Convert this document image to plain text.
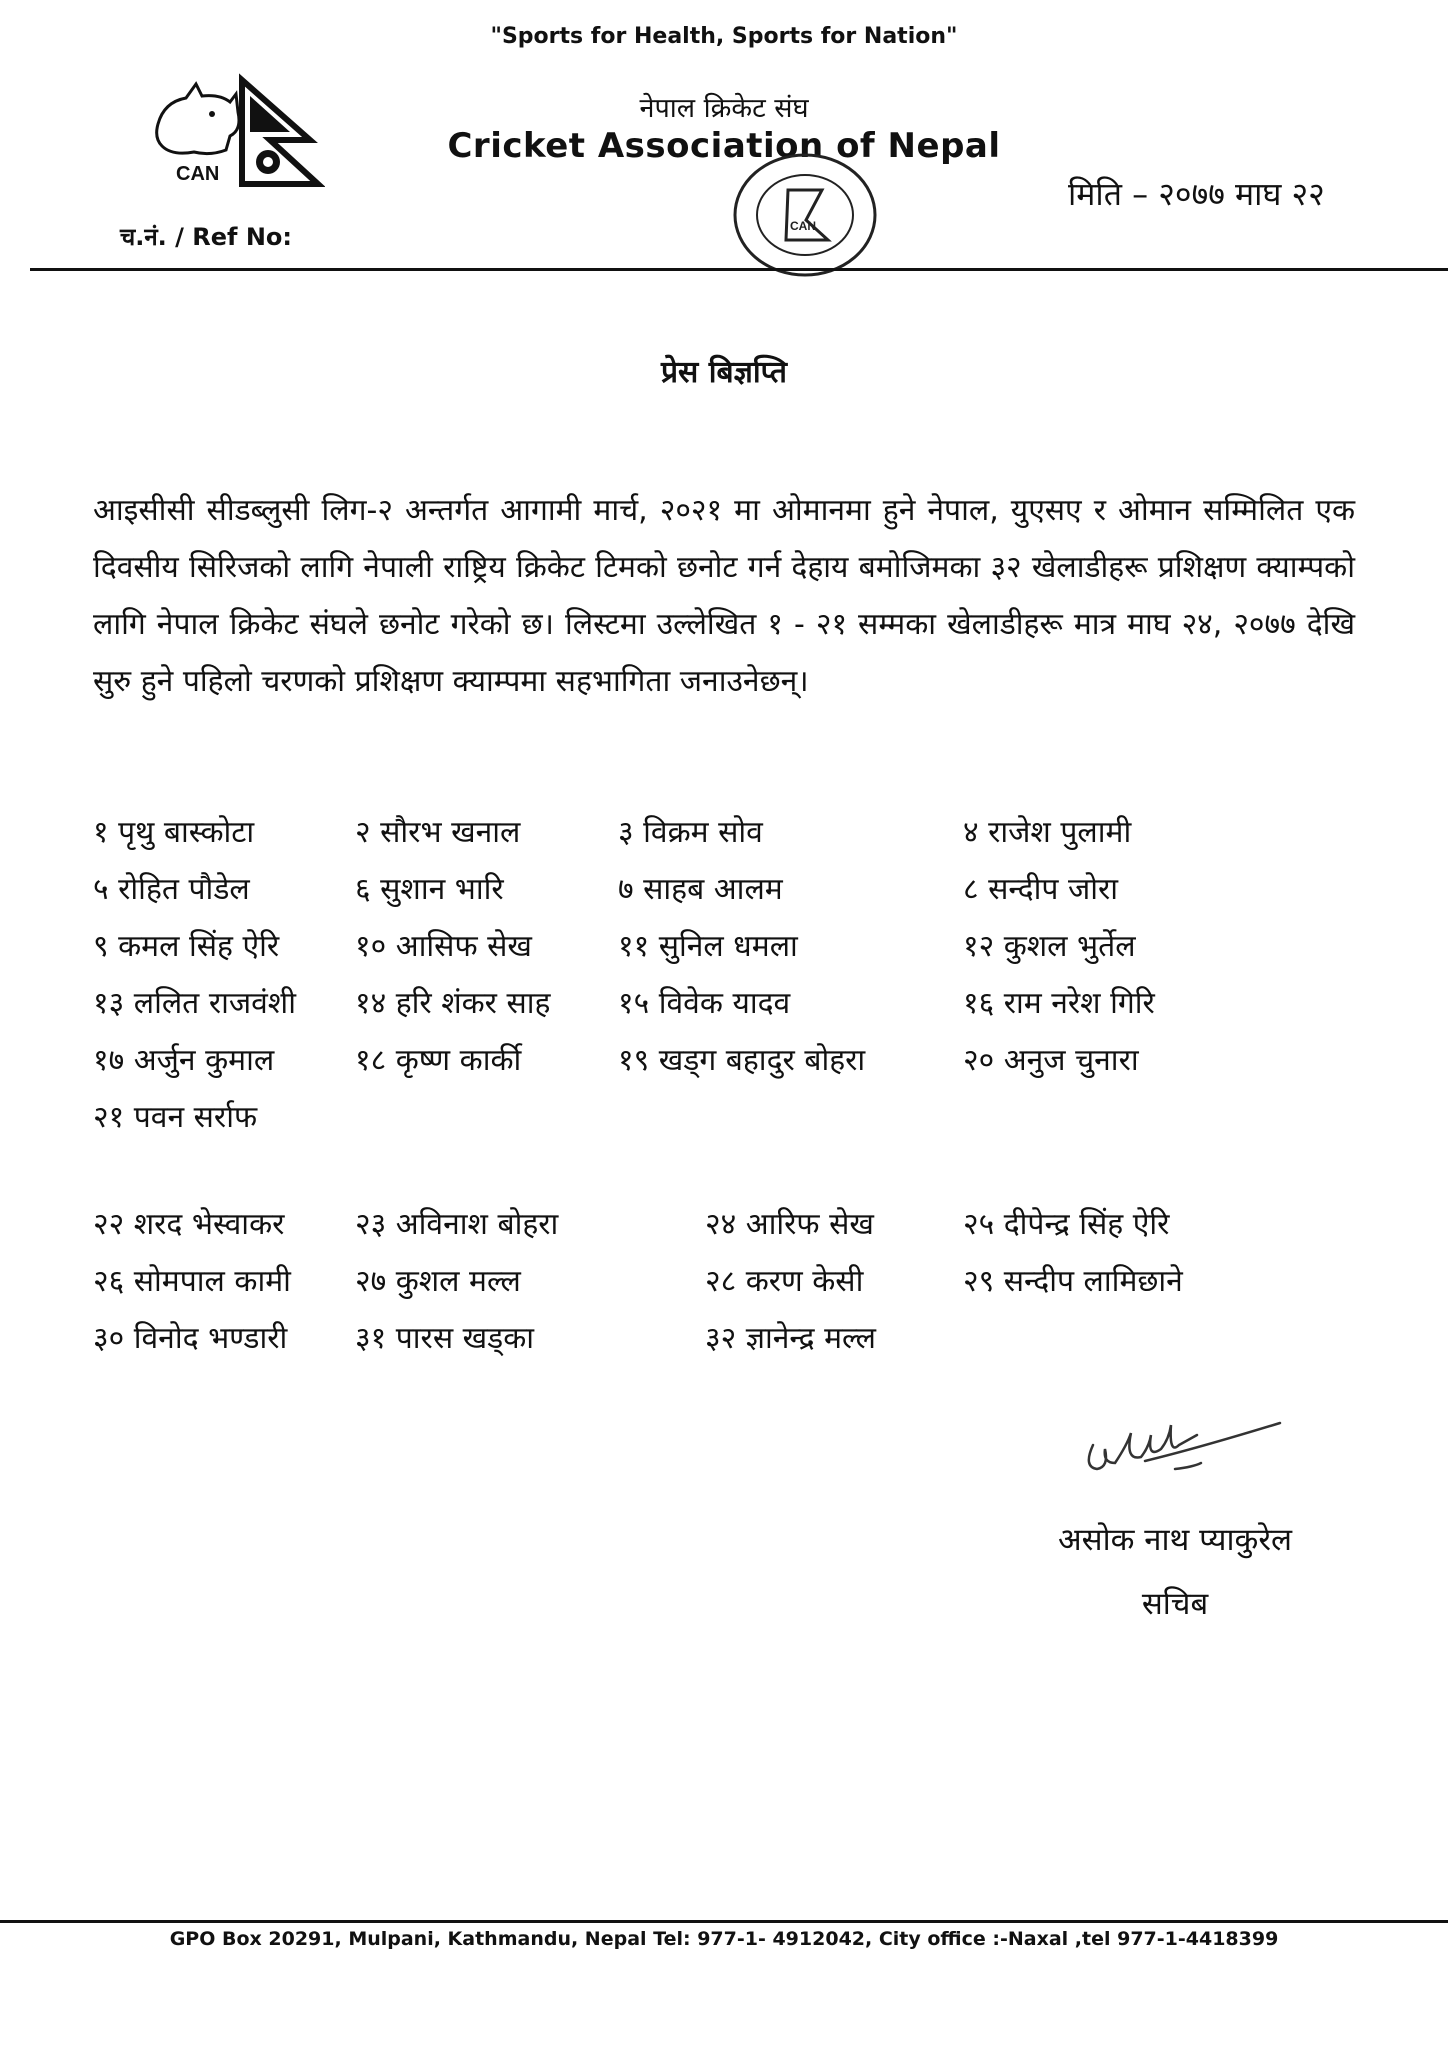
"Sports for Health, Sports for Nation"
नेपाल क्रिकेट संघ
Cricket Association of Nepal
CAN
CAN
मिति – २०७७ माघ २२
च.नं. / Ref No:
प्रेस बिज्ञप्ति
आइसीसी सीडब्लुसी लिग-२ अन्तर्गत आगामी मार्च, २०२१ मा ओमानमा हुने नेपाल, युएसए र ओमान सम्मिलित एक दिवसीय सिरिजको लागि नेपाली राष्ट्रिय क्रिकेट टिमको छनोट गर्न देहाय बमोजिमका ३२ खेलाडीहरू प्रशिक्षण क्याम्पको लागि नेपाल क्रिकेट संघले छनोट गरेको छ। लिस्टमा उल्लेखित १ - २१ सम्मका खेलाडीहरू मात्र माघ २४, २०७७ देखि सुरु हुने पहिलो चरणको प्रशिक्षण क्याम्पमा सहभागिता जनाउनेछन्।
१ पृथु बास्कोटा	२ सौरभ खनाल	३ विक्रम सोव	४ राजेश पुलामी
५ रोहित पौडेल	६ सुशान भारि	७ साहब आलम	८ सन्दीप जोरा
९ कमल सिंह ऐरि	१० आसिफ सेख	११ सुनिल धमला	१२ कुशल भुर्तेल
१३ ललित राजवंशी १४ हरि शंकर साह १५ विवेक यादव	१६ राम नरेश गिरि
१७ अर्जुन कुमाल	१८ कृष्ण कार्की	१९ खड्ग बहादुर बोहरा	२० अनुज चुनारा
२१ पवन सर्राफ
२२ शरद भेस्वाकर २३ अविनाश बोहरा	२४ आरिफ सेख	२५ दीपेन्द्र सिंह ऐरि
२६ सोमपाल कामी २७ कुशल मल्ल	२८ करण केसी	२९ सन्दीप लामिछाने
३० विनोद भण्डारी ३१ पारस खड्का	३२ ज्ञानेन्द्र मल्ल
असोक नाथ प्याकुरेल
सचिब
GPO Box 20291, Mulpani, Kathmandu, Nepal Tel: 977-1- 4912042, City office :-Naxal ,tel 977-1-4418399
